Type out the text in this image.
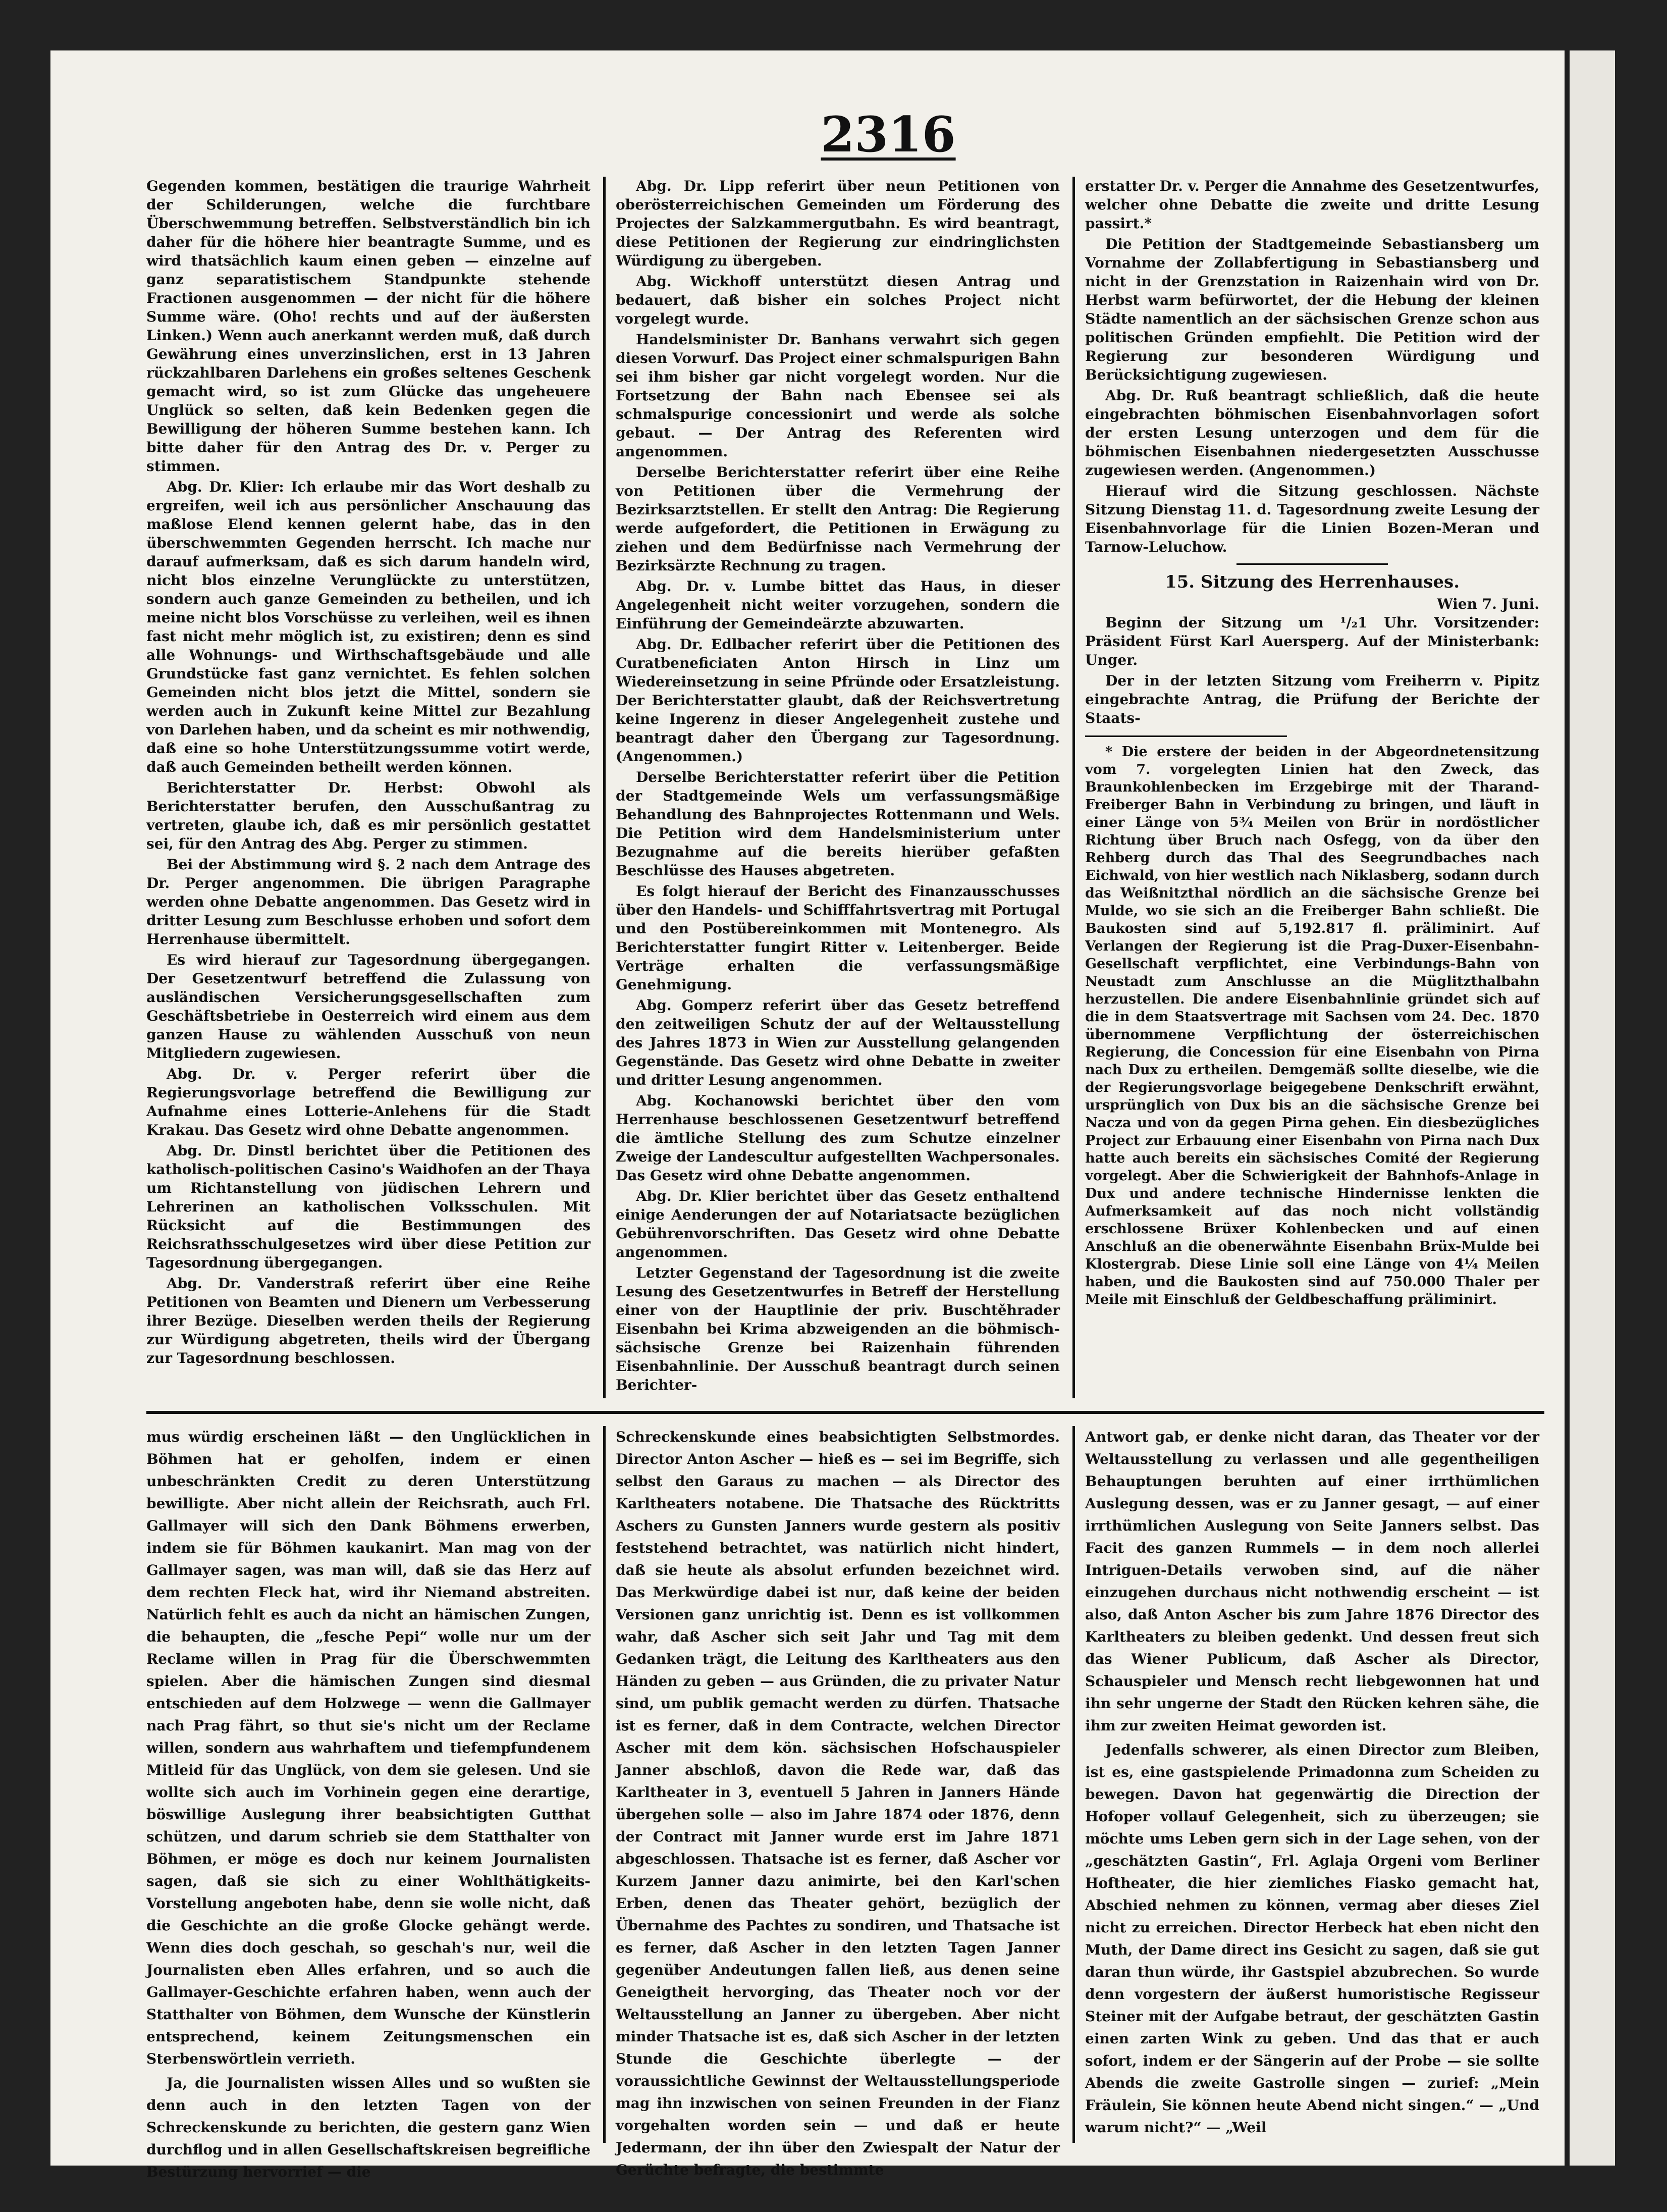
2316

Gegenden kommen, bestätigen die traurige Wahrheit der Schilderungen, welche die furchtbare Überschwemmung betreffen. Selbstverständlich bin ich daher für die höhere hier beantragte Summe, und es wird thatsächlich kaum einen geben — einzelne auf ganz separatistischem Standpunkte stehende Fractionen ausgenommen — der nicht für die höhere Summe wäre. (Oho! rechts und auf der äußersten Linken.) Wenn auch anerkannt werden muß, daß durch Gewährung eines unverzinslichen, erst in 13 Jahren rückzahlbaren Darlehens ein großes seltenes Geschenk gemacht wird, so ist zum Glücke das ungeheuere Unglück so selten, daß kein Bedenken gegen die Bewilligung der höheren Summe bestehen kann. Ich bitte daher für den Antrag des Dr. v. Perger zu stimmen.

Abg. Dr. Klier: Ich erlaube mir das Wort deshalb zu ergreifen, weil ich aus persönlicher Anschauung das maßlose Elend kennen gelernt habe, das in den überschwemmten Gegenden herrscht. Ich mache nur darauf aufmerksam, daß es sich darum handeln wird, nicht blos einzelne Verunglückte zu unterstützen, sondern auch ganze Gemeinden zu betheilen, und ich meine nicht blos Vorschüsse zu verleihen, weil es ihnen fast nicht mehr möglich ist, zu existiren; denn es sind alle Wohnungs- und Wirthschaftsgebäude und alle Grundstücke fast ganz vernichtet. Es fehlen solchen Gemeinden nicht blos jetzt die Mittel, sondern sie werden auch in Zukunft keine Mittel zur Bezahlung von Darlehen haben, und da scheint es mir nothwendig, daß eine so hohe Unterstützungssumme votirt werde, daß auch Gemeinden betheilt werden können.

Berichterstatter Dr. Herbst: Obwohl als Berichterstatter berufen, den Ausschußantrag zu vertreten, glaube ich, daß es mir persönlich gestattet sei, für den Antrag des Abg. Perger zu stimmen.

Bei der Abstimmung wird §. 2 nach dem Antrage des Dr. Perger angenommen. Die übrigen Paragraphe werden ohne Debatte angenommen. Das Gesetz wird in dritter Lesung zum Beschlusse erhoben und sofort dem Herrenhause übermittelt.

Es wird hierauf zur Tagesordnung übergegangen. Der Gesetzentwurf betreffend die Zulassung von ausländischen Versicherungsgesellschaften zum Geschäftsbetriebe in Oesterreich wird einem aus dem ganzen Hause zu wählenden Ausschuß von neun Mitgliedern zugewiesen.

Abg. Dr. v. Perger referirt über die Regierungsvorlage betreffend die Bewilligung zur Aufnahme eines Lotterie-Anlehens für die Stadt Krakau. Das Gesetz wird ohne Debatte angenommen.

Abg. Dr. Dinstl berichtet über die Petitionen des katholisch-politischen Casino's Waidhofen an der Thaya um Richtanstellung von jüdischen Lehrern und Lehrerinen an katholischen Volksschulen. Mit Rücksicht auf die Bestimmungen des Reichsrathsschulgesetzes wird über diese Petition zur Tagesordnung übergegangen.

Abg. Dr. Vanderstraß referirt über eine Reihe Petitionen von Beamten und Dienern um Verbesserung ihrer Bezüge. Dieselben werden theils der Regierung zur Würdigung abgetreten, theils wird der Übergang zur Tagesordnung beschlossen.

Abg. Dr. Lipp referirt über neun Petitionen von oberösterreichischen Gemeinden um Förderung des Projectes der Salzkammergutbahn. Es wird beantragt, diese Petitionen der Regierung zur eindringlichsten Würdigung zu übergeben.

Abg. Wickhoff unterstützt diesen Antrag und bedauert, daß bisher ein solches Project nicht vorgelegt wurde.

Handelsminister Dr. Banhans verwahrt sich gegen diesen Vorwurf. Das Project einer schmalspurigen Bahn sei ihm bisher gar nicht vorgelegt worden. Nur die Fortsetzung der Bahn nach Ebensee sei als schmalspurige concessionirt und werde als solche gebaut. — Der Antrag des Referenten wird angenommen.

Derselbe Berichterstatter referirt über eine Reihe von Petitionen über die Vermehrung der Bezirksarztstellen. Er stellt den Antrag: Die Regierung werde aufgefordert, die Petitionen in Erwägung zu ziehen und dem Bedürfnisse nach Vermehrung der Bezirksärzte Rechnung zu tragen.

Abg. Dr. v. Lumbe bittet das Haus, in dieser Angelegenheit nicht weiter vorzugehen, sondern die Einführung der Gemeindeärzte abzuwarten.

Abg. Dr. Edlbacher referirt über die Petitionen des Curatbeneficiaten Anton Hirsch in Linz um Wiedereinsetzung in seine Pfründe oder Ersatzleistung. Der Berichterstatter glaubt, daß der Reichsvertretung keine Ingerenz in dieser Angelegenheit zustehe und beantragt daher den Übergang zur Tagesordnung. (Angenommen.)

Derselbe Berichterstatter referirt über die Petition der Stadtgemeinde Wels um verfassungsmäßige Behandlung des Bahnprojectes Rottenmann und Wels. Die Petition wird dem Handelsministerium unter Bezugnahme auf die bereits hierüber gefaßten Beschlüsse des Hauses abgetreten.

Es folgt hierauf der Bericht des Finanzausschusses über den Handels- und Schifffahrtsvertrag mit Portugal und den Postübereinkommen mit Montenegro. Als Berichterstatter fungirt Ritter v. Leitenberger. Beide Verträge erhalten die verfassungsmäßige Genehmigung.

Abg. Gomperz referirt über das Gesetz betreffend den zeitweiligen Schutz der auf der Weltausstellung des Jahres 1873 in Wien zur Ausstellung gelangenden Gegenstände. Das Gesetz wird ohne Debatte in zweiter und dritter Lesung angenommen.

Abg. Kochanowski berichtet über den vom Herrenhause beschlossenen Gesetzentwurf betreffend die ämtliche Stellung des zum Schutze einzelner Zweige der Landescultur aufgestellten Wachpersonales. Das Gesetz wird ohne Debatte angenommen.

Abg. Dr. Klier berichtet über das Gesetz enthaltend einige Aenderungen der auf Notariatsacte bezüglichen Gebührenvorschriften. Das Gesetz wird ohne Debatte angenommen.

Letzter Gegenstand der Tagesordnung ist die zweite Lesung des Gesetzentwurfes in Betreff der Herstellung einer von der Hauptlinie der priv. Buschtěhrader Eisenbahn bei Krima abzweigenden an die böhmisch-sächsische Grenze bei Raizenhain führenden Eisenbahnlinie. Der Ausschuß beantragt durch seinen Berichter-

erstatter Dr. v. Perger die Annahme des Gesetzentwurfes, welcher ohne Debatte die zweite und dritte Lesung passirt.*

Die Petition der Stadtgemeinde Sebastiansberg um Vornahme der Zollabfertigung in Sebastiansberg und nicht in der Grenzstation in Raizenhain wird von Dr. Herbst warm befürwortet, der die Hebung der kleinen Städte namentlich an der sächsischen Grenze schon aus politischen Gründen empfiehlt. Die Petition wird der Regierung zur besonderen Würdigung und Berücksichtigung zugewiesen.

Abg. Dr. Ruß beantragt schließlich, daß die heute eingebrachten böhmischen Eisenbahnvorlagen sofort der ersten Lesung unterzogen und dem für die böhmischen Eisenbahnen niedergesetzten Ausschusse zugewiesen werden. (Angenommen.)

Hierauf wird die Sitzung geschlossen. Nächste Sitzung Dienstag 11. d. Tagesordnung zweite Lesung der Eisenbahnvorlage für die Linien Bozen-Meran und Tarnow-Leluchow.

15. Sitzung des Herrenhauses.
Wien 7. Juni.

Beginn der Sitzung um ¹/₂1 Uhr. Vorsitzender: Präsident Fürst Karl Auersperg. Auf der Ministerbank: Unger.

Der in der letzten Sitzung vom Freiherrn v. Pipitz eingebrachte Antrag, die Prüfung der Berichte der Staats-

* Die erstere der beiden in der Abgeordnetensitzung vom 7. vorgelegten Linien hat den Zweck, das Braunkohlenbecken im Erzgebirge mit der Tharand-Freiberger Bahn in Verbindung zu bringen, und läuft in einer Länge von 5¾ Meilen von Brür in nordöstlicher Richtung über Bruch nach Osfegg, von da über den Rehberg durch das Thal des Seegrundbaches nach Eichwald, von hier westlich nach Niklasberg, sodann durch das Weißnitzthal nördlich an die sächsische Grenze bei Mulde, wo sie sich an die Freiberger Bahn schließt. Die Baukosten sind auf 5,192.817 fl. präliminirt. Auf Verlangen der Regierung ist die Prag-Duxer-Eisenbahn-Gesellschaft verpflichtet, eine Verbindungs-Bahn von Neustadt zum Anschlusse an die Müglitzthalbahn herzustellen. Die andere Eisenbahnlinie gründet sich auf die in dem Staatsvertrage mit Sachsen vom 24. Dec. 1870 übernommene Verpflichtung der österreichischen Regierung, die Concession für eine Eisenbahn von Pirna nach Dux zu ertheilen. Demgemäß sollte dieselbe, wie die der Regierungsvorlage beigegebene Denkschrift erwähnt, ursprünglich von Dux bis an die sächsische Grenze bei Nacza und von da gegen Pirna gehen. Ein diesbezügliches Project zur Erbauung einer Eisenbahn von Pirna nach Dux hatte auch bereits ein sächsisches Comité der Regierung vorgelegt. Aber die Schwierigkeit der Bahnhofs-Anlage in Dux und andere technische Hindernisse lenkten die Aufmerksamkeit auf das noch nicht vollständig erschlossene Brüxer Kohlenbecken und auf einen Anschluß an die obenerwähnte Eisenbahn Brüx-Mulde bei Klostergrab. Diese Linie soll eine Länge von 4¼ Meilen haben, und die Baukosten sind auf 750.000 Thaler per Meile mit Einschluß der Geldbeschaffung präliminirt.

mus würdig erscheinen läßt — den Unglücklichen in Böhmen hat er geholfen, indem er einen unbeschränkten Credit zu deren Unterstützung bewilligte. Aber nicht allein der Reichsrath, auch Frl. Gallmayer will sich den Dank Böhmens erwerben, indem sie für Böhmen kaukanirt. Man mag von der Gallmayer sagen, was man will, daß sie das Herz auf dem rechten Fleck hat, wird ihr Niemand abstreiten. Natürlich fehlt es auch da nicht an hämischen Zungen, die behaupten, die „fesche Pepi“ wolle nur um der Reclame willen in Prag für die Überschwemmten spielen. Aber die hämischen Zungen sind diesmal entschieden auf dem Holzwege — wenn die Gallmayer nach Prag fährt, so thut sie's nicht um der Reclame willen, sondern aus wahrhaftem und tiefempfundenem Mitleid für das Unglück, von dem sie gelesen. Und sie wollte sich auch im Vorhinein gegen eine derartige, böswillige Auslegung ihrer beabsichtigten Gutthat schützen, und darum schrieb sie dem Statthalter von Böhmen, er möge es doch nur keinem Journalisten sagen, daß sie sich zu einer Wohlthätigkeits-Vorstellung angeboten habe, denn sie wolle nicht, daß die Geschichte an die große Glocke gehängt werde. Wenn dies doch geschah, so geschah's nur, weil die Journalisten eben Alles erfahren, und so auch die Gallmayer-Geschichte erfahren haben, wenn auch der Statthalter von Böhmen, dem Wunsche der Künstlerin entsprechend, keinem Zeitungsmenschen ein Sterbenswörtlein verrieth.

Ja, die Journalisten wissen Alles und so wußten sie denn auch in den letzten Tagen von der Schreckenskunde zu berichten, die gestern ganz Wien durchflog und in allen Gesellschaftskreisen begreifliche Bestürzung hervorrief — die

Schreckenskunde eines beabsichtigten Selbstmordes. Director Anton Ascher — hieß es — sei im Begriffe, sich selbst den Garaus zu machen — als Director des Karltheaters notabene. Die Thatsache des Rücktritts Aschers zu Gunsten Janners wurde gestern als positiv feststehend betrachtet, was natürlich nicht hindert, daß sie heute als absolut erfunden bezeichnet wird. Das Merkwürdige dabei ist nur, daß keine der beiden Versionen ganz unrichtig ist. Denn es ist vollkommen wahr, daß Ascher sich seit Jahr und Tag mit dem Gedanken trägt, die Leitung des Karltheaters aus den Händen zu geben — aus Gründen, die zu privater Natur sind, um publik gemacht werden zu dürfen. Thatsache ist es ferner, daß in dem Contracte, welchen Director Ascher mit dem kön. sächsischen Hofschauspieler Janner abschloß, davon die Rede war, daß das Karltheater in 3, eventuell 5 Jahren in Janners Hände übergehen solle — also im Jahre 1874 oder 1876, denn der Contract mit Janner wurde erst im Jahre 1871 abgeschlossen. Thatsache ist es ferner, daß Ascher vor Kurzem Janner dazu animirte, bei den Karl'schen Erben, denen das Theater gehört, bezüglich der Übernahme des Pachtes zu sondiren, und Thatsache ist es ferner, daß Ascher in den letzten Tagen Janner gegenüber Andeutungen fallen ließ, aus denen seine Geneigtheit hervorging, das Theater noch vor der Weltausstellung an Janner zu übergeben. Aber nicht minder Thatsache ist es, daß sich Ascher in der letzten Stunde die Geschichte überlegte — der voraussichtliche Gewinnst der Weltausstellungsperiode mag ihn inzwischen von seinen Freunden in der Fianz vorgehalten worden sein — und daß er heute Jedermann, der ihn über den Zwiespalt der Natur der Gerüchte befragte, die bestimmte

Antwort gab, er denke nicht daran, das Theater vor der Weltausstellung zu verlassen und alle gegentheiligen Behauptungen beruhten auf einer irrthümlichen Auslegung dessen, was er zu Janner gesagt, — auf einer irrthümlichen Auslegung von Seite Janners selbst. Das Facit des ganzen Rummels — in dem noch allerlei Intriguen-Details verwoben sind, auf die näher einzugehen durchaus nicht nothwendig erscheint — ist also, daß Anton Ascher bis zum Jahre 1876 Director des Karltheaters zu bleiben gedenkt. Und dessen freut sich das Wiener Publicum, daß Ascher als Director, Schauspieler und Mensch recht liebgewonnen hat und ihn sehr ungerne der Stadt den Rücken kehren sähe, die ihm zur zweiten Heimat geworden ist.

Jedenfalls schwerer, als einen Director zum Bleiben, ist es, eine gastspielende Primadonna zum Scheiden zu bewegen. Davon hat gegenwärtig die Direction der Hofoper vollauf Gelegenheit, sich zu überzeugen; sie möchte ums Leben gern sich in der Lage sehen, von der „geschätzten Gastin“, Frl. Aglaja Orgeni vom Berliner Hoftheater, die hier ziemliches Fiasko gemacht hat, Abschied nehmen zu können, vermag aber dieses Ziel nicht zu erreichen. Director Herbeck hat eben nicht den Muth, der Dame direct ins Gesicht zu sagen, daß sie gut daran thun würde, ihr Gastspiel abzubrechen. So wurde denn vorgestern der äußerst humoristische Regisseur Steiner mit der Aufgabe betraut, der geschätzten Gastin einen zarten Wink zu geben. Und das that er auch sofort, indem er der Sängerin auf der Probe — sie sollte Abends die zweite Gastrolle singen — zurief: „Mein Fräulein, Sie können heute Abend nicht singen.“ — „Und warum nicht?“ — „Weil
